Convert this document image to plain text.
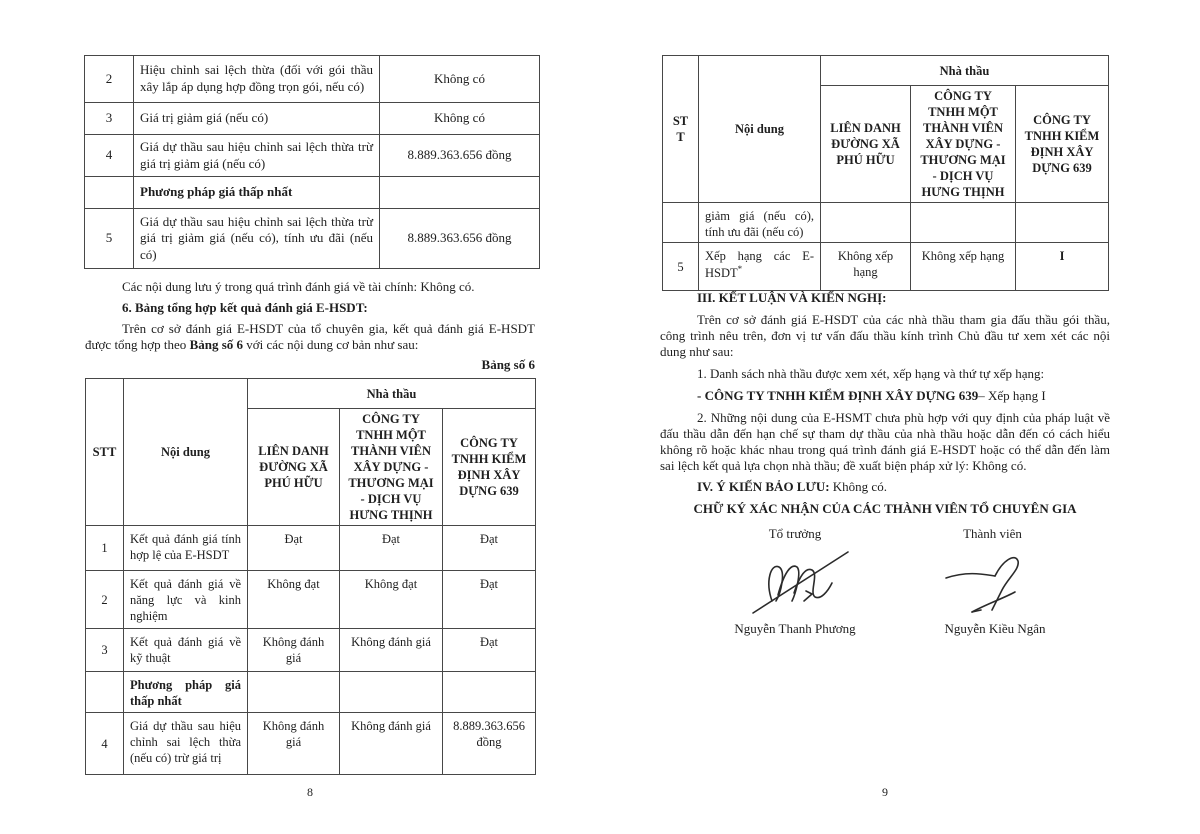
2	Hiệu chỉnh sai lệch thừa (đối với gói thầu xây lắp áp dụng hợp đồng trọn gói, nếu có)	Không có
3	Giá trị giảm giá (nếu có)	Không có
4	Giá dự thầu sau hiệu chỉnh sai lệch thừa trừ giá trị giảm giá (nếu có)	8.889.363.656 đồng
	Phương pháp giá thấp nhất	
5	Giá dự thầu sau hiệu chỉnh sai lệch thừa trừ giá trị giảm giá (nếu có), tính ưu đãi (nếu có)	8.889.363.656 đồng
Các nội dung lưu ý trong quá trình đánh giá về tài chính: Không có.
6. Bảng tổng hợp kết quả đánh giá E-HSDT:
Trên cơ sở đánh giá E-HSDT của tổ chuyên gia, kết quả đánh giá E-HSDT được tổng hợp theo Bảng số 6 với các nội dung cơ bản như sau:
Bảng số 6
STT	Nội dung	Nhà thầu		
		LIÊN DANH ĐƯỜNG XÃ PHÚ HỮU	CÔNG TY TNHH MỘT THÀNH VIÊN XÂY DỰNG - THƯƠNG MẠI - DỊCH VỤ HƯNG THỊNH	CÔNG TY TNHH KIỂM ĐỊNH XÂY DỰNG 639
1	Kết quả đánh giá tính hợp lệ của E-HSDT	Đạt	Đạt	Đạt
2	Kết quả đánh giá về năng lực và kinh nghiệm	Không đạt	Không đạt	Đạt
3	Kết quả đánh giá về kỹ thuật	Không đánh giá	Không đánh giá	Đạt
	Phương pháp giá thấp nhất			
4	Giá dự thầu sau hiệu chỉnh sai lệch thừa (nếu có) trừ giá trị	Không đánh giá	Không đánh giá	8.889.363.656 đồng
8
STT	Nội dung	Nhà thầu		
		LIÊN DANH ĐƯỜNG XÃ PHÚ HỮU	CÔNG TY TNHH MỘT THÀNH VIÊN XÂY DỰNG - THƯƠNG MẠI - DỊCH VỤ HƯNG THỊNH	CÔNG TY TNHH KIỂM ĐỊNH XÂY DỰNG 639
	giảm giá (nếu có), tính ưu đãi (nếu có)			
5	Xếp hạng các E-HSDT*	Không xếp hạng	Không xếp hạng	I
III. KẾT LUẬN VÀ KIẾN NGHỊ:
Trên cơ sở đánh giá E-HSDT của các nhà thầu tham gia đấu thầu gói thầu, công trình nêu trên, đơn vị tư vấn đấu thầu kính trình Chủ đầu tư xem xét các nội dung như sau:
1. Danh sách nhà thầu được xem xét, xếp hạng và thứ tự xếp hạng:
- CÔNG TY TNHH KIỂM ĐỊNH XÂY DỰNG 639– Xếp hạng I
2. Những nội dung của E-HSMT chưa phù hợp với quy định của pháp luật về đấu thầu dẫn đến hạn chế sự tham dự thầu của nhà thầu hoặc dẫn đến có cách hiểu không rõ hoặc khác nhau trong quá trình đánh giá E-HSDT hoặc có thể dẫn đến làm sai lệch kết quả lựa chọn nhà thầu; đề xuất biện pháp xử lý: Không có.
IV. Ý KIẾN BẢO LƯU: Không có.
CHỮ KÝ XÁC NHẬN CỦA CÁC THÀNH VIÊN TỔ CHUYÊN GIA
Tổ trưởng	Thành viên
Nguyễn Thanh Phương	Nguyễn Kiều Ngân
9
